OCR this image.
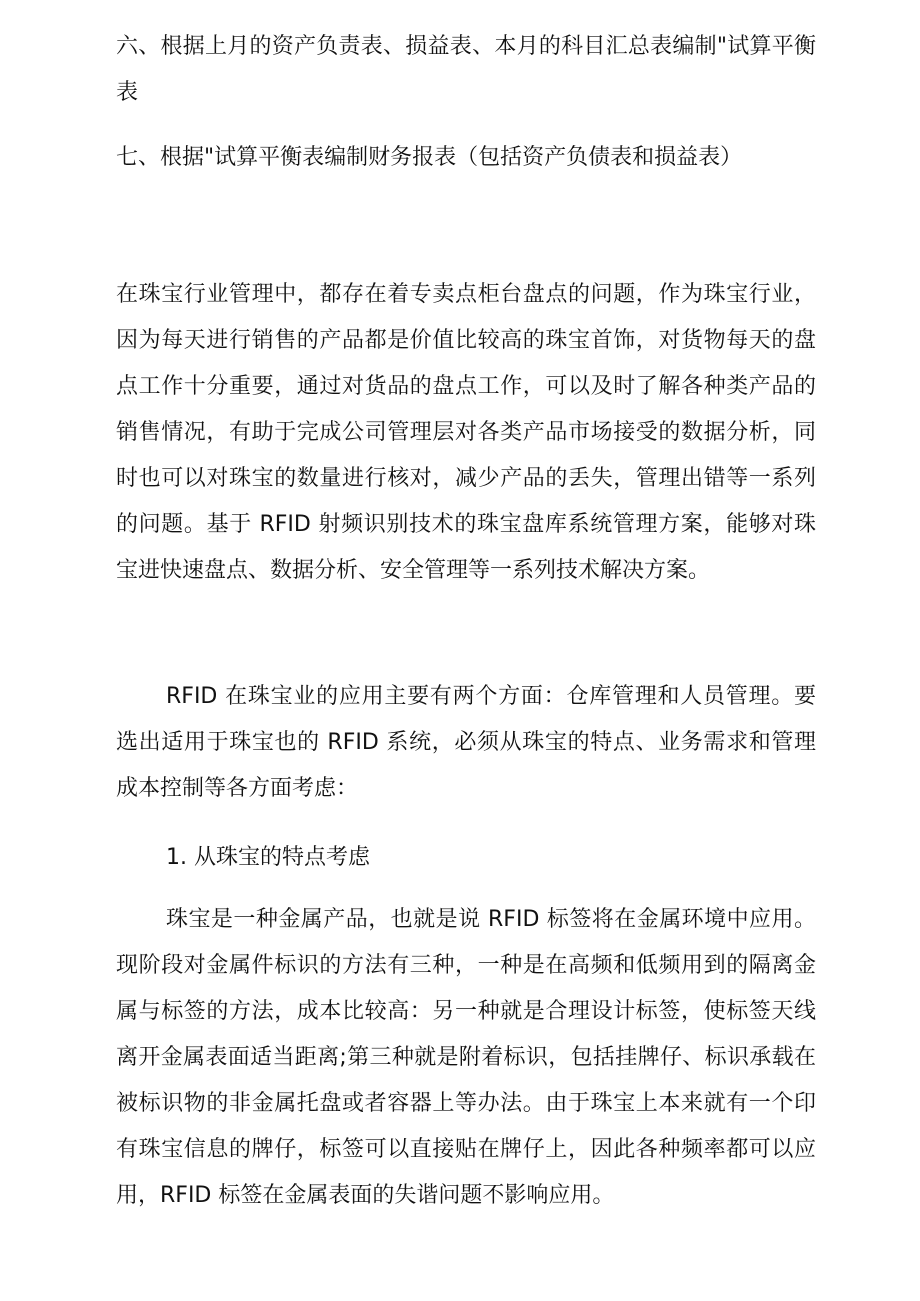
六、根据上月的资产负责表、损益表、本月的科目汇总表编制"试算平衡表

七、根据"试算平衡表编制财务报表（包括资产负债表和损益表）

在珠宝行业管理中，都存在着专卖点柜台盘点的问题，作为珠宝行业，因为每天进行销售的产品都是价值比较高的珠宝首饰，对货物每天的盘点工作十分重要，通过对货品的盘点工作，可以及时了解各种类产品的销售情况，有助于完成公司管理层对各类产品市场接受的数据分析，同时也可以对珠宝的数量进行核对，减少产品的丢失，管理出错等一系列的问题。基于 RFID 射频识别技术的珠宝盘库系统管理方案，能够对珠宝进快速盘点、数据分析、安全管理等一系列技术解决方案。

RFID 在珠宝业的应用主要有两个方面：仓库管理和人员管理。要选出适用于珠宝也的 RFID 系统，必须从珠宝的特点、业务需求和管理成本控制等各方面考虑：

1. 从珠宝的特点考虑

珠宝是一种金属产品，也就是说 RFID 标签将在金属环境中应用。现阶段对金属件标识的方法有三种，一种是在高频和低频用到的隔离金属与标签的方法，成本比较高：另一种就是合理设计标签，使标签天线离开金属表面适当距离;第三种就是附着标识，包括挂牌仔、标识承载在被标识物的非金属托盘或者容器上等办法。由于珠宝上本来就有一个印有珠宝信息的牌仔，标签可以直接贴在牌仔上，因此各种频率都可以应用，RFID 标签在金属表面的失谐问题不影响应用。
